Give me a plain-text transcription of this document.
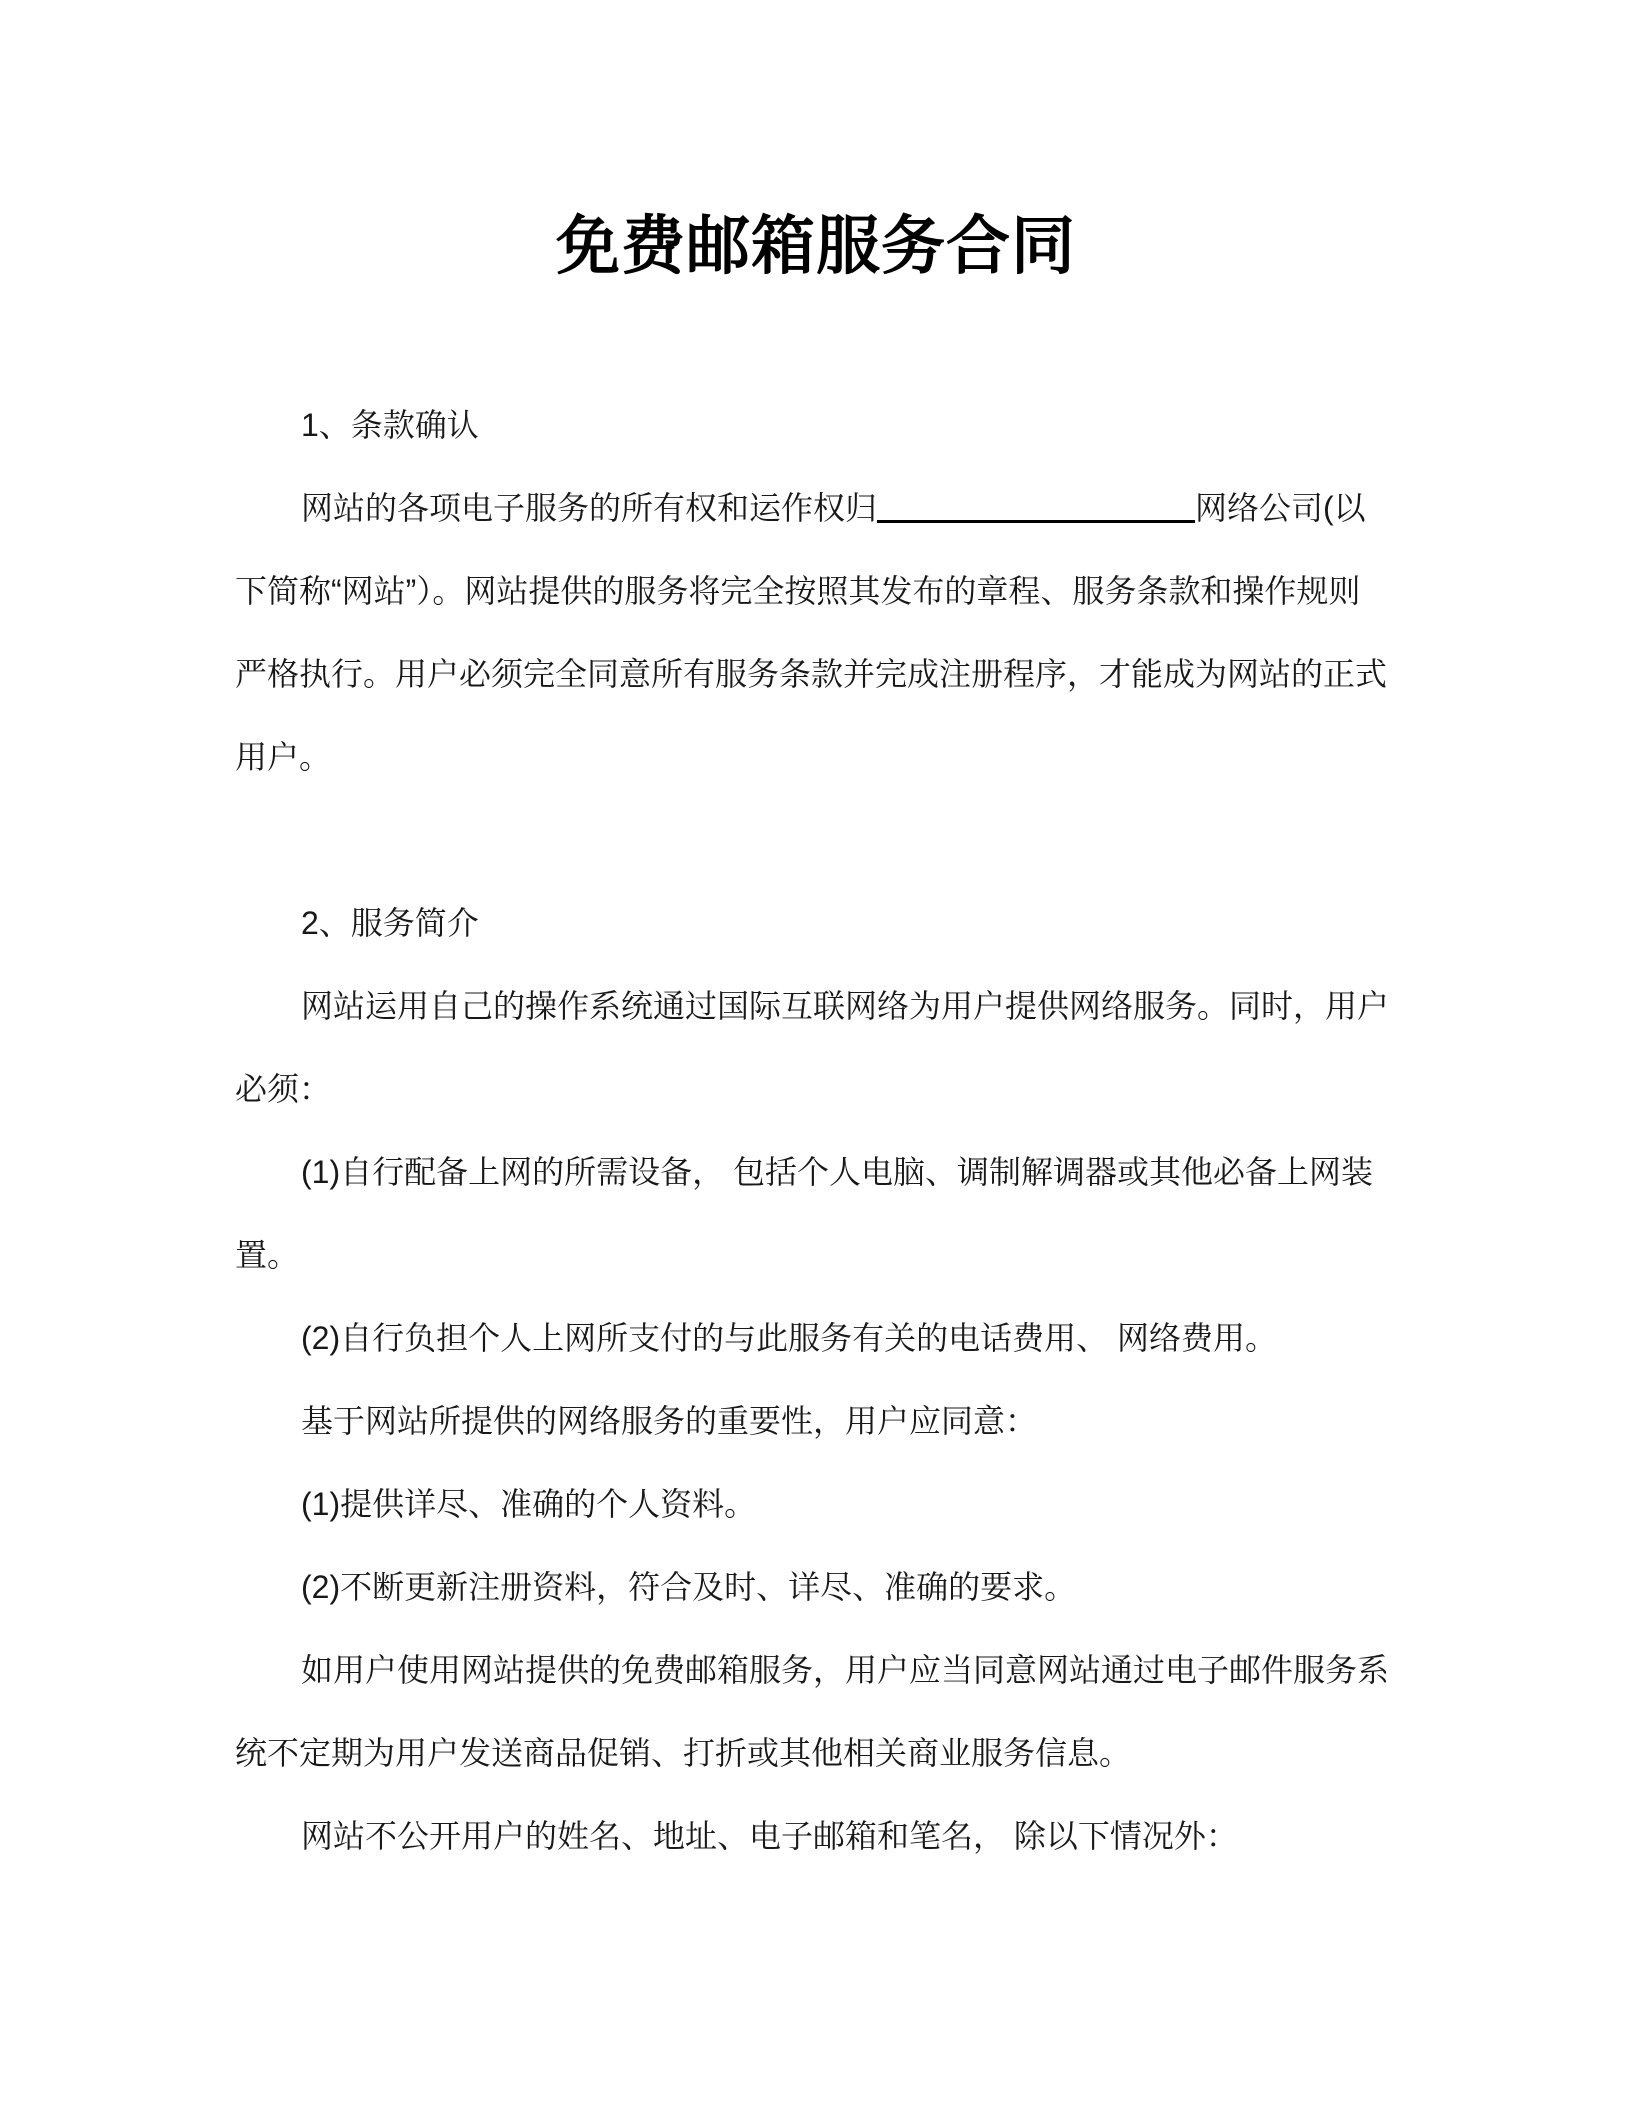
免费邮箱服务合同
1、条款确认
网站的各项电子服务的所有权和运作权归	网络公司(以
下简称“网站”）。网站提供的服务将完全按照其发布的章程、服务条款和操作规则
严格执行。用户必须完全同意所有服务条款并完成注册程序，才能成为网站的正式
用户。
2、服务简介
网站运用自己的操作系统通过国际互联网络为用户提供网络服务。同时，用户
必须：
(1)自行配备上网的所需设备， 包括个人电脑、调制解调器或其他必备上网装
置。
(2)自行负担个人上网所支付的与此服务有关的电话费用、 网络费用。
基于网站所提供的网络服务的重要性，用户应同意：
(1)提供详尽、准确的个人资料。
(2)不断更新注册资料，符合及时、详尽、准确的要求。
如用户使用网站提供的免费邮箱服务，用户应当同意网站通过电子邮件服务系
统不定期为用户发送商品促销、打折或其他相关商业服务信息。
网站不公开用户的姓名、地址、电子邮箱和笔名， 除以下情况外：
